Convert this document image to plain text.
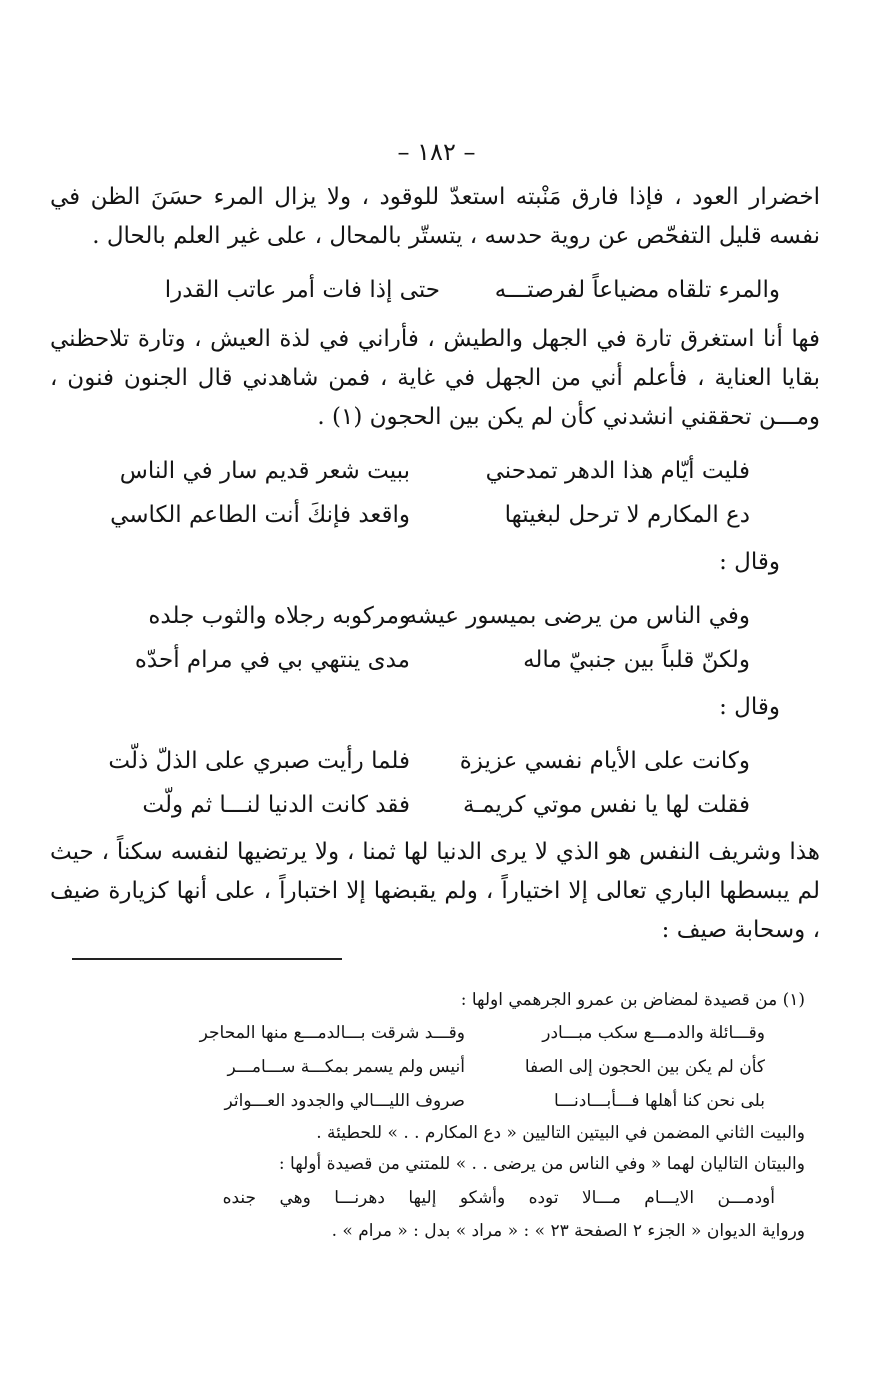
– ١٨٢ –

اخضرار العود ، فإذا فارق مَنْبته استعدّ للوقود ، ولا يزال المرء حسَنَ الظن في نفسه قليل التفحّص عن روية حدسه ، يتستّر بالمحال ، على غير العلم بالحال .

والمرء تلقاه مضياعاً لفرصتـــه
حتى إذا فات أمر عاتب القدرا

فها أنا استغرق تارة في الجهل والطيش ، فأراني في لذة العيش ، وتارة تلاحظني بقايا العناية ، فأعلم أني من الجهل في غاية ، فمن شاهدني قال الجنون فنون ، ومـــن تحققني انشدني كأن لم يكن بين الحجون (١) .

فليت أيّام هذا الدهر تمدحني
ببيت شعر قديم سار في الناس
دع المكارم لا ترحل لبغيتها
واقعد فإنكَ أنت الطاعم الكاسي

وقال :

وفي الناس من يرضى بميسور عيشه
ومركوبه رجلاه والثوب جلده
ولكنّ قلباً بين جنبيّ ماله
مدى ينتهي بي في مرام أحدّه

وقال :

وكانت على الأيام نفسي عزيزة
فلما رأيت صبري على الذلّ ذلّت
فقلت لها يا نفس موتي كريمـة
فقد كانت الدنيا لنـــا ثم ولّت

هذا وشريف النفس هو الذي لا يرى الدنيا لها ثمنا ، ولا يرتضيها لنفسه سكناً ، حيث لم يبسطها الباري تعالى إلا اختياراً ، ولم يقبضها إلا اختباراً ، على أنها كزيارة ضيف ، وسحابة صيف :

(١) من قصيدة لمضاض بن عمرو الجرهمي اولها :

وقـــائلة والدمـــع سكب مبـــادر
وقـــد شرقت بـــالدمـــع منها المحاجر
كأن لم يكن بين الحجون إلى الصفا
أنيس ولم يسمر بمكـــة ســـامـــر
بلى نحن كنا أهلها فـــأبـــادنـــا
صروف الليـــالي والجدود العـــواثر

والبيت الثاني المضمن في البيتين التاليين « دع المكارم . . » للحطيئة .

والبيتان التاليان لهما « وفي الناس من يرضى . . » للمتني من قصيدة أولها :

أودمـــن الايـــام مـــالا توده وأشكو إليها دهرنـــا وهي جنده

ورواية الديوان « الجزء ٢ الصفحة ٢٣ » : « مراد » بدل : « مرام » .
